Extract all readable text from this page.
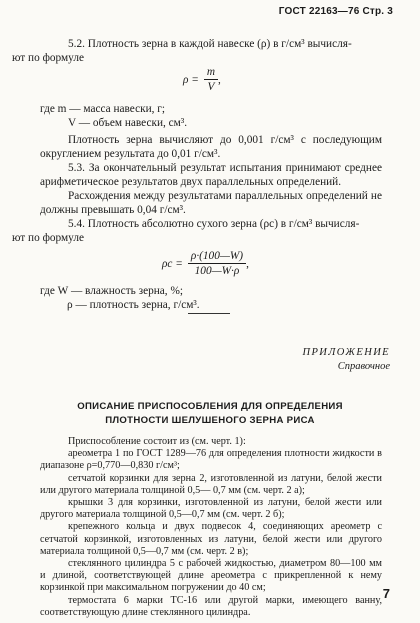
ГОСТ 22163—76 Стр. 3

5.2. Плотность зерна в каждой навеске (ρ) в г/см³ вычисля-
ют по формуле

$\rho = \frac{m}{V}$ ,

где m — масса навески, г;

V — объем навески, см³.

Плотность зерна вычисляют до 0,001 г/см³ с последующим округлением результата до 0,01 г/см³.

5.3. За окончательный результат испытания принимают среднее арифметическое результатов двух параллельных определений.

Расхождения между результатами параллельных определений не должны превышать 0,04 г/см³.

5.4. Плотность абсолютно сухого зерна (ρc) в г/см³ вычисля-
ют по формуле

$\rho c = \frac{\rho\cdot(100—W)}{100—W\cdot\rho}$ ,

где W — влажность зерна, %;

ρ — плотность зерна, г/см³.

ПРИЛОЖЕНИЕ
Справочное
ОПИСАНИЕ ПРИСПОСОБЛЕНИЯ ДЛЯ ОПРЕДЕЛЕНИЯ
ПЛОТНОСТИ ШЕЛУШЕНОГО ЗЕРНА РИСА

Приспособление состоит из (см. черт. 1):

ареометра 1 по ГОСТ 1289—76 для определения плотности жидкости в диапазоне ρ=0,770—0,830 г/см³;

сетчатой корзинки для зерна 2, изготовленной из латуни, белой жести или другого материала толщиной 0,5— 0,7 мм (см. черт. 2 а);

крышки 3 для корзинки, изготовленной из латуни, белой жести или другого материала толщиной 0,5—0,7 мм (см. черт. 2 б);

крепежного кольца и двух подвесок 4, соединяющих ареометр с сетчатой корзинкой, изготовленных из латуни, белой жести или другого материала толщиной 0,5—0,7 мм (см. черт. 2 в);

стеклянного цилиндра 5 с рабочей жидкостью, диаметром 80—100 мм и длиной, соответствующей длине ареометра с прикрепленной к нему корзинкой при максимальном погружении до 40 см;

термостата 6 марки ТС-16 или другой марки, имеющего ванну, соответствующую длине стеклянного цилиндра.

7
